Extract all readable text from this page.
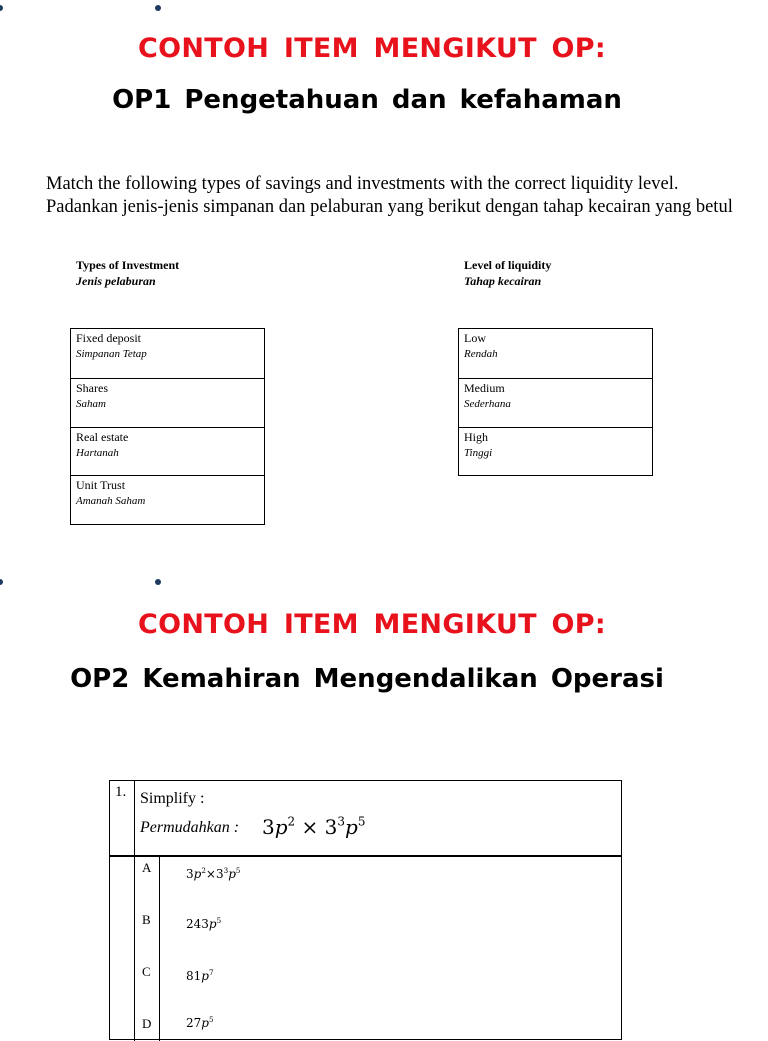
CONTOH ITEM MENGIKUT OP:
OP1 Pengetahuan dan kefahaman
Match the following types of savings and investments with the correct liquidity level.
Padankan jenis-jenis simpanan dan pelaburan yang berikut dengan tahap kecairan yang betul
Types of Investment
Jenis pelaburan
Level of liquidity
Tahap kecairan
Fixed deposit
Simpanan Tetap
Shares
Saham
Real estate
Hartanah
Unit Trust
Amanah Saham
Low
Rendah
Medium
Sederhana
High
Tinggi
CONTOH ITEM MENGIKUT OP:
OP2 Kemahiran Mengendalikan Operasi
1. Simplify :
Permudahkan : $3p^2 \times 3^3p^5$
A	$3p^2\times 3^3p^5$
B	$243p^5$
C	$81p^7$
D	$27p^5$
